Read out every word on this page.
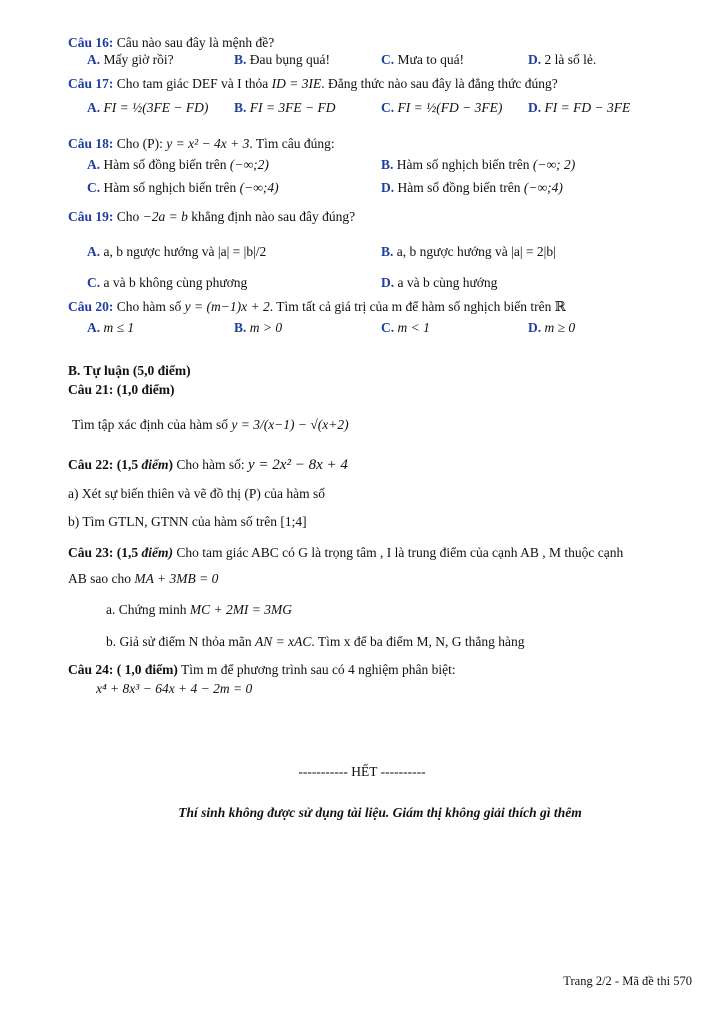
Câu 16: Câu nào sau đây là mệnh đề?
A. Mấy giờ rồi?	B. Đau bụng quá!	C. Mưa to quá!	D. 2 là số lẻ.
Câu 17: Cho tam giác DEF và I thỏa ID = 3IE. Đẳng thức nào sau đây là đẳng thức đúng?
A. FI = ½(3FE − FD) B. FI = 3FE − FD	C. FI = ½(FD − 3FE) D. FI = FD − 3FE
Câu 18: Cho (P): y = x² − 4x + 3. Tìm câu đúng:
A. Hàm số đồng biến trên (−∞;2)	B. Hàm số nghịch biến trên (−∞; 2)
C. Hàm số nghịch biến trên (−∞;4)	D. Hàm số đồng biến trên (−∞;4)
Câu 19: Cho −2a = b khẳng định nào sau đây đúng?
A. a, b ngược hướng và |a| = |b|/2	B. a, b ngược hướng và |a| = 2|b|
C. a và b không cùng phương	D. a và b cùng hướng
Câu 20: Cho hàm số y = (m−1)x + 2. Tìm tất cả giá trị của m để hàm số nghịch biến trên ℝ
A. m ≤ 1	B. m > 0	C. m < 1	D. m ≥ 0
B. Tự luận (5,0 điểm)
Câu 21: (1,0 điểm)
Tìm tập xác định của hàm số y = 3/(x−1) − √(x+2)
Câu 22: (1,5 điểm) Cho hàm số: y = 2x² − 8x + 4
a) Xét sự biến thiên và vẽ đồ thị (P) của hàm số
b) Tìm GTLN, GTNN của hàm số trên [1;4]
Câu 23: (1,5 điểm) Cho tam giác ABC có G là trọng tâm , I là trung điểm của cạnh AB , M thuộc cạnh
AB sao cho MA + 3MB = 0
a. Chứng minh MC + 2MI = 3MG
b. Giả sử điểm N thỏa mãn AN = xAC. Tìm x để ba điểm M, N, G thẳng hàng
Câu 24: ( 1,0 điểm) Tìm m để phương trình sau có 4 nghiệm phân biệt:
x⁴ + 8x³ − 64x + 4 − 2m = 0
----------- HẾT ----------
Thí sinh không được sử dụng tài liệu. Giám thị không giải thích gì thêm
Trang 2/2 - Mã đề thi 570
